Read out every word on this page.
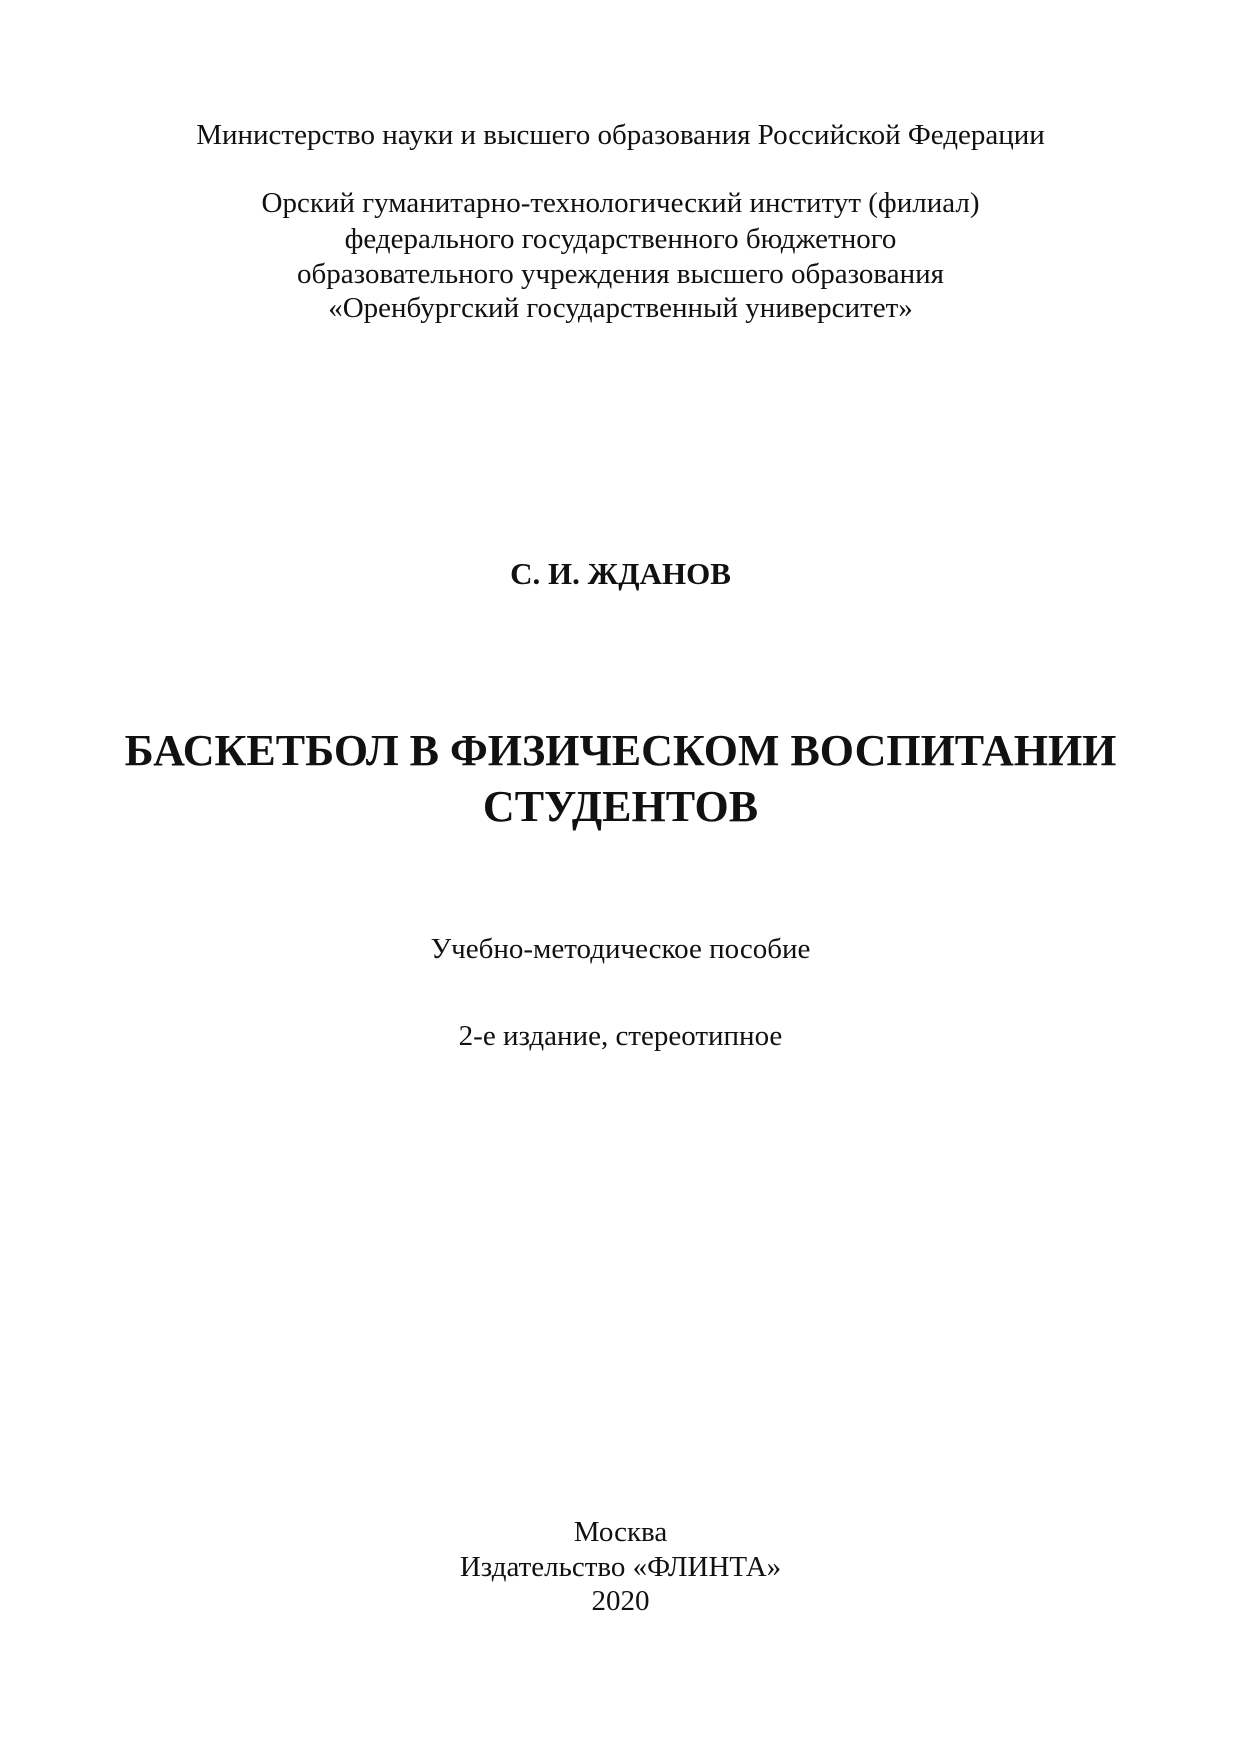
Министерство науки и высшего образования Российской Федерации
Орский гуманитарно-технологический институт (филиал)
федерального государственного бюджетного
образовательного учреждения высшего образования
«Оренбургский государственный университет»
С. И. ЖДАНОВ
БАСКЕТБОЛ В ФИЗИЧЕСКОМ ВОСПИТАНИИ
СТУДЕНТОВ
Учебно-методическое пособие
2-е издание, стереотипное
Москва
Издательство «ФЛИНТА»
2020
